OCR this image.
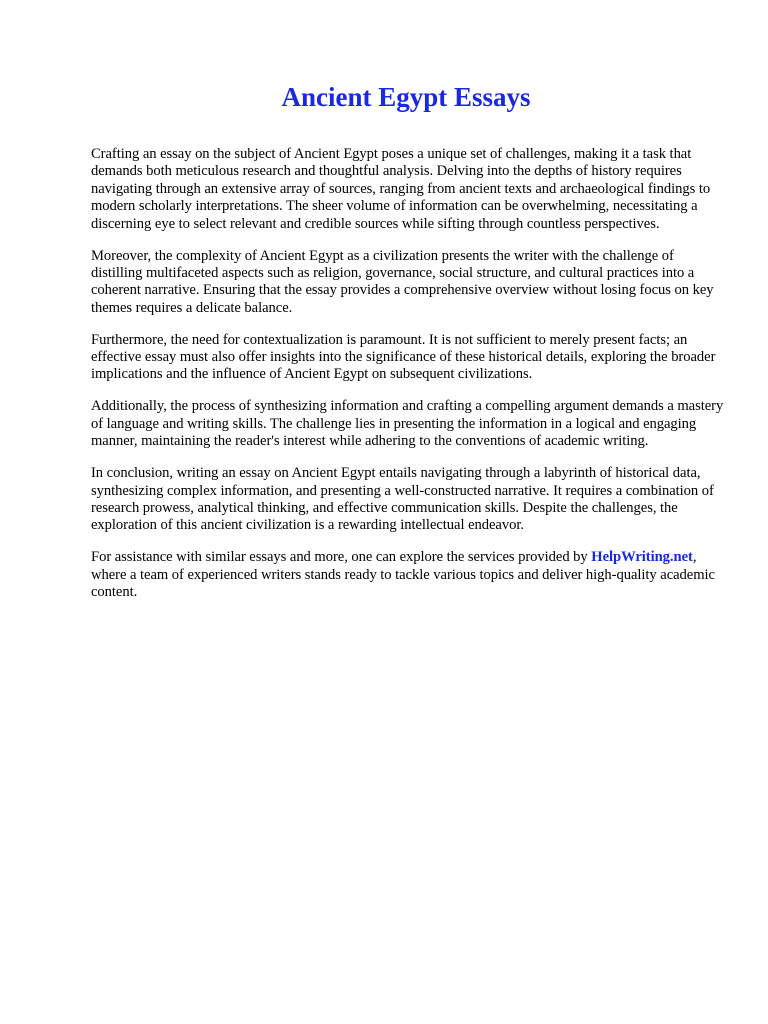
Ancient Egypt Essays

Crafting an essay on the subject of Ancient Egypt poses a unique set of challenges, making it a task that demands both meticulous research and thoughtful analysis. Delving into the depths of history requires navigating through an extensive array of sources, ranging from ancient texts and archaeological findings to modern scholarly interpretations. The sheer volume of information can be overwhelming, necessitating a discerning eye to select relevant and credible sources while sifting through countless perspectives.

Moreover, the complexity of Ancient Egypt as a civilization presents the writer with the challenge of distilling multifaceted aspects such as religion, governance, social structure, and cultural practices into a coherent narrative. Ensuring that the essay provides a comprehensive overview without losing focus on key themes requires a delicate balance.

Furthermore, the need for contextualization is paramount. It is not sufficient to merely present facts; an effective essay must also offer insights into the significance of these historical details, exploring the broader implications and the influence of Ancient Egypt on subsequent civilizations.

Additionally, the process of synthesizing information and crafting a compelling argument demands a mastery of language and writing skills. The challenge lies in presenting the information in a logical and engaging manner, maintaining the reader's interest while adhering to the conventions of academic writing.

In conclusion, writing an essay on Ancient Egypt entails navigating through a labyrinth of historical data, synthesizing complex information, and presenting a well-constructed narrative. It requires a combination of research prowess, analytical thinking, and effective communication skills. Despite the challenges, the exploration of this ancient civilization is a rewarding intellectual endeavor.

For assistance with similar essays and more, one can explore the services provided by HelpWriting.net, where a team of experienced writers stands ready to tackle various topics and deliver high-quality academic content.
